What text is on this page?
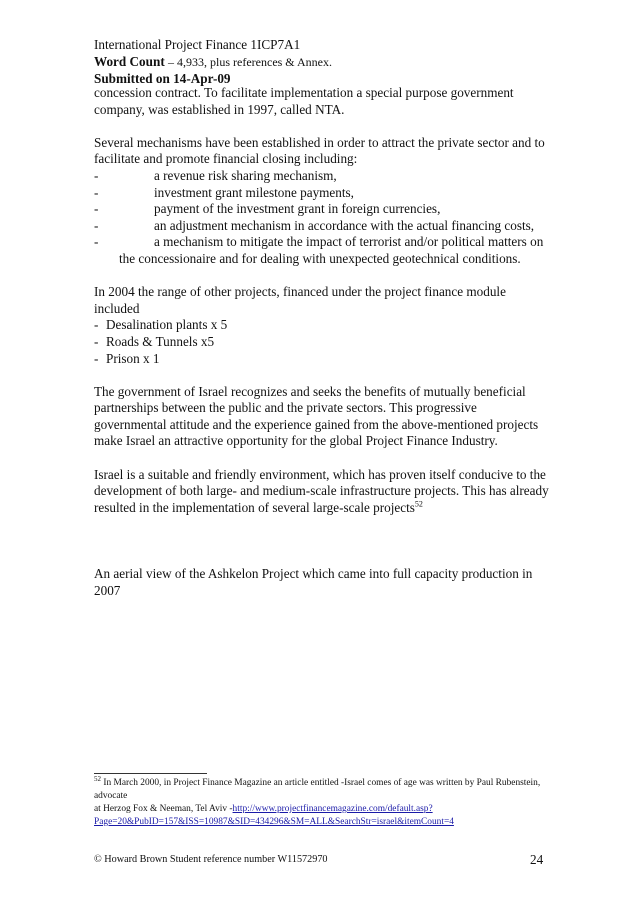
International Project Finance 1ICP7A1
Word Count – 4,933, plus references & Annex.
Submitted on 14-Apr-09

concession contract. To facilitate implementation a special purpose government
company, was established in 1997, called NTA.

Several mechanisms have been established in order to attract the private sector and to
facilitate and promote financial closing including:

-	a revenue risk sharing mechanism,
-	investment grant milestone payments,
-	payment of the investment grant in foreign currencies,
-	an adjustment mechanism in accordance with the actual financing costs,
-	a mechanism to mitigate the impact of terrorist and/or political matters on
the concessionaire and for dealing with unexpected geotechnical conditions.

In 2004 the range of other projects, financed under the project finance module
included

- Desalination plants x 5
- Roads & Tunnels x5
- Prison x 1

The government of Israel recognizes and seeks the benefits of mutually beneficial
partnerships between the public and the private sectors. This progressive
governmental attitude and the experience gained from the above-mentioned projects
make Israel an attractive opportunity for the global Project Finance Industry.

Israel is a suitable and friendly environment, which has proven itself conducive to the
development of both large- and medium-scale infrastructure projects. This has already
resulted in the implementation of several large-scale projects$^{52}$

An aerial view of the Ashkelon Project which came into full capacity production in
2007

$^{52}$ In March 2000, in Project Finance Magazine an article entitled -Israel comes of age was written by Paul Rubenstein, advocate
at Herzog Fox & Neeman, Tel Aviv -http://www.projectfinancemagazine.com/default.asp?
Page=20&PubID=157&ISS=10987&SID=434296&SM=ALL&SearchStr=israel&itemCount=4
© Howard Brown Student reference number W11572970	24
